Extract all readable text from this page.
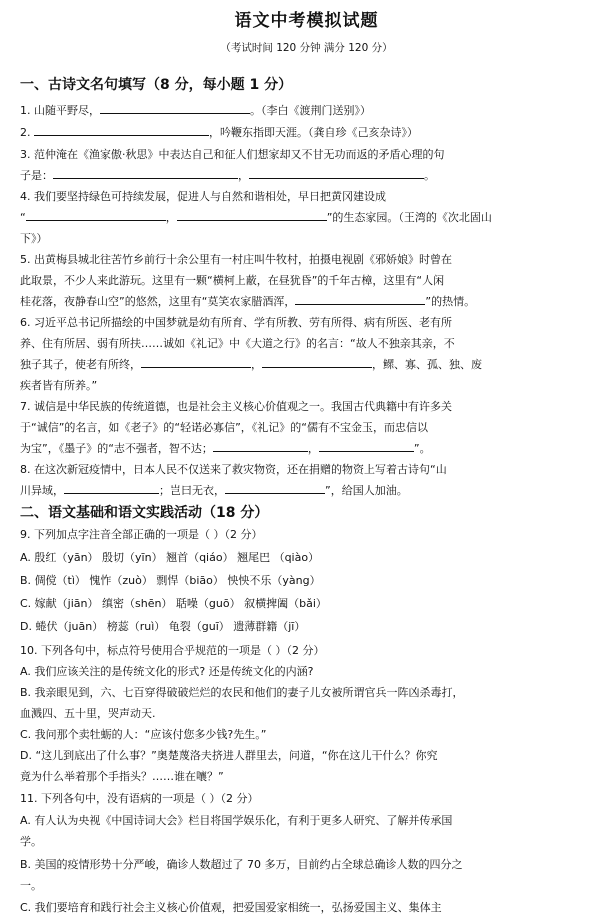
语文中考模拟试题
（考试时间 120 分钟 满分 120 分）
一、古诗文名句填写（8 分，每小题 1 分）
1. 山随平野尽，	。（李白《渡荆门送别》）
2.	，吟鞭东指即天涯。（龚自珍《己亥杂诗》）
3. 范仲淹在《渔家傲·秋思》中表达自己和征人们想家却又不甘无功而返的矛盾心理的句
子是：	，	。
4. 我们要坚持绿色可持续发展，促进人与自然和谐相处，早日把黄冈建设成
“	，	”的生态家园。（王湾的《次北固山
下》）
5. 出黄梅县城北往苦竹乡前行十余公里有一村庄叫牛牧村，拍摄电视剧《邪娇娘》时曾在
此取景，不少人来此游玩。这里有一颗“横柯上蔽，在昼犹昏”的千年古樟，这里有“人闲
桂花落，夜静春山空”的悠然，这里有“莫笑农家腊酒浑，	”的热情。
6. 习近平总书记所描绘的中国梦就是幼有所育、学有所教、劳有所得、病有所医、老有所
养、住有所居、弱有所扶……诚如《礼记》中《大道之行》的名言：“故人不独亲其亲，不
独子其子，使老有所终，	，	，鳏、寡、孤、独、废
疾者皆有所养。”
7. 诚信是中华民族的传统道德，也是社会主义核心价值观之一。我国古代典籍中有许多关
于“诚信”的名言，如《老子》的“轻诺必寡信”，《礼记》的“儒有不宝金玉，而忠信以
为宝”，《墨子》的“志不强者，智不达；	，	”。
8. 在这次新冠疫情中，日本人民不仅送来了救灾物资，还在捐赠的物资上写着古诗句“山
川异域，	；岂曰无衣，	”，给国人加油。
二、语文基础和语文实践活动（18 分）
9. 下列加点字注音全部正确的一项是（ ）（2 分）
A. 殷红（yān） 殷切（yīn） 翘首（qiáo） 翘尾巴 （qiào）
B. 倜傥（tì） 愧怍（zuò） 剽悍（biāo） 怏怏不乐（yàng）
C. 嫁献（jiān） 缜密（shēn） 聒噪（guō） 叙横捭阖（bǎi）
D. 蜷伏（juān） 榜蕊（ruì） 龟裂（guī） 遗薄群籍（jī）
10. 下列各句中，标点符号使用合乎规范的一项是（ ）（2 分）
A. 我们应该关注的是传统文化的形式? 还是传统文化的内涵?
B. 我亲眼见到，六、七百穿得破破烂烂的农民和他们的妻子儿女被所谓官兵一阵凶杀毒打，
血溅四、五十里，哭声动天.
C. 我问那个卖牡蛎的人：“应该付您多少钱?先生。”
D. “这儿到底出了什么事？”奥楚蔑洛夫挤进人群里去，问道，“你在这儿干什么？你究
竟为什么举着那个手指头？……谁在嚷？”
11. 下列各句中，没有语病的一项是（ ）（2 分）
A. 有人认为央视《中国诗词大会》栏目将国学娱乐化，有利于更多人研究、了解并传承国
学。
B. 美国的疫情形势十分严峻，确诊人数超过了 70 多万，目前约占全球总确诊人数的四分之
一。
C. 我们要培育和践行社会主义核心价值观，把爱国爱家相统一，弘扬爱国主义、集体主
